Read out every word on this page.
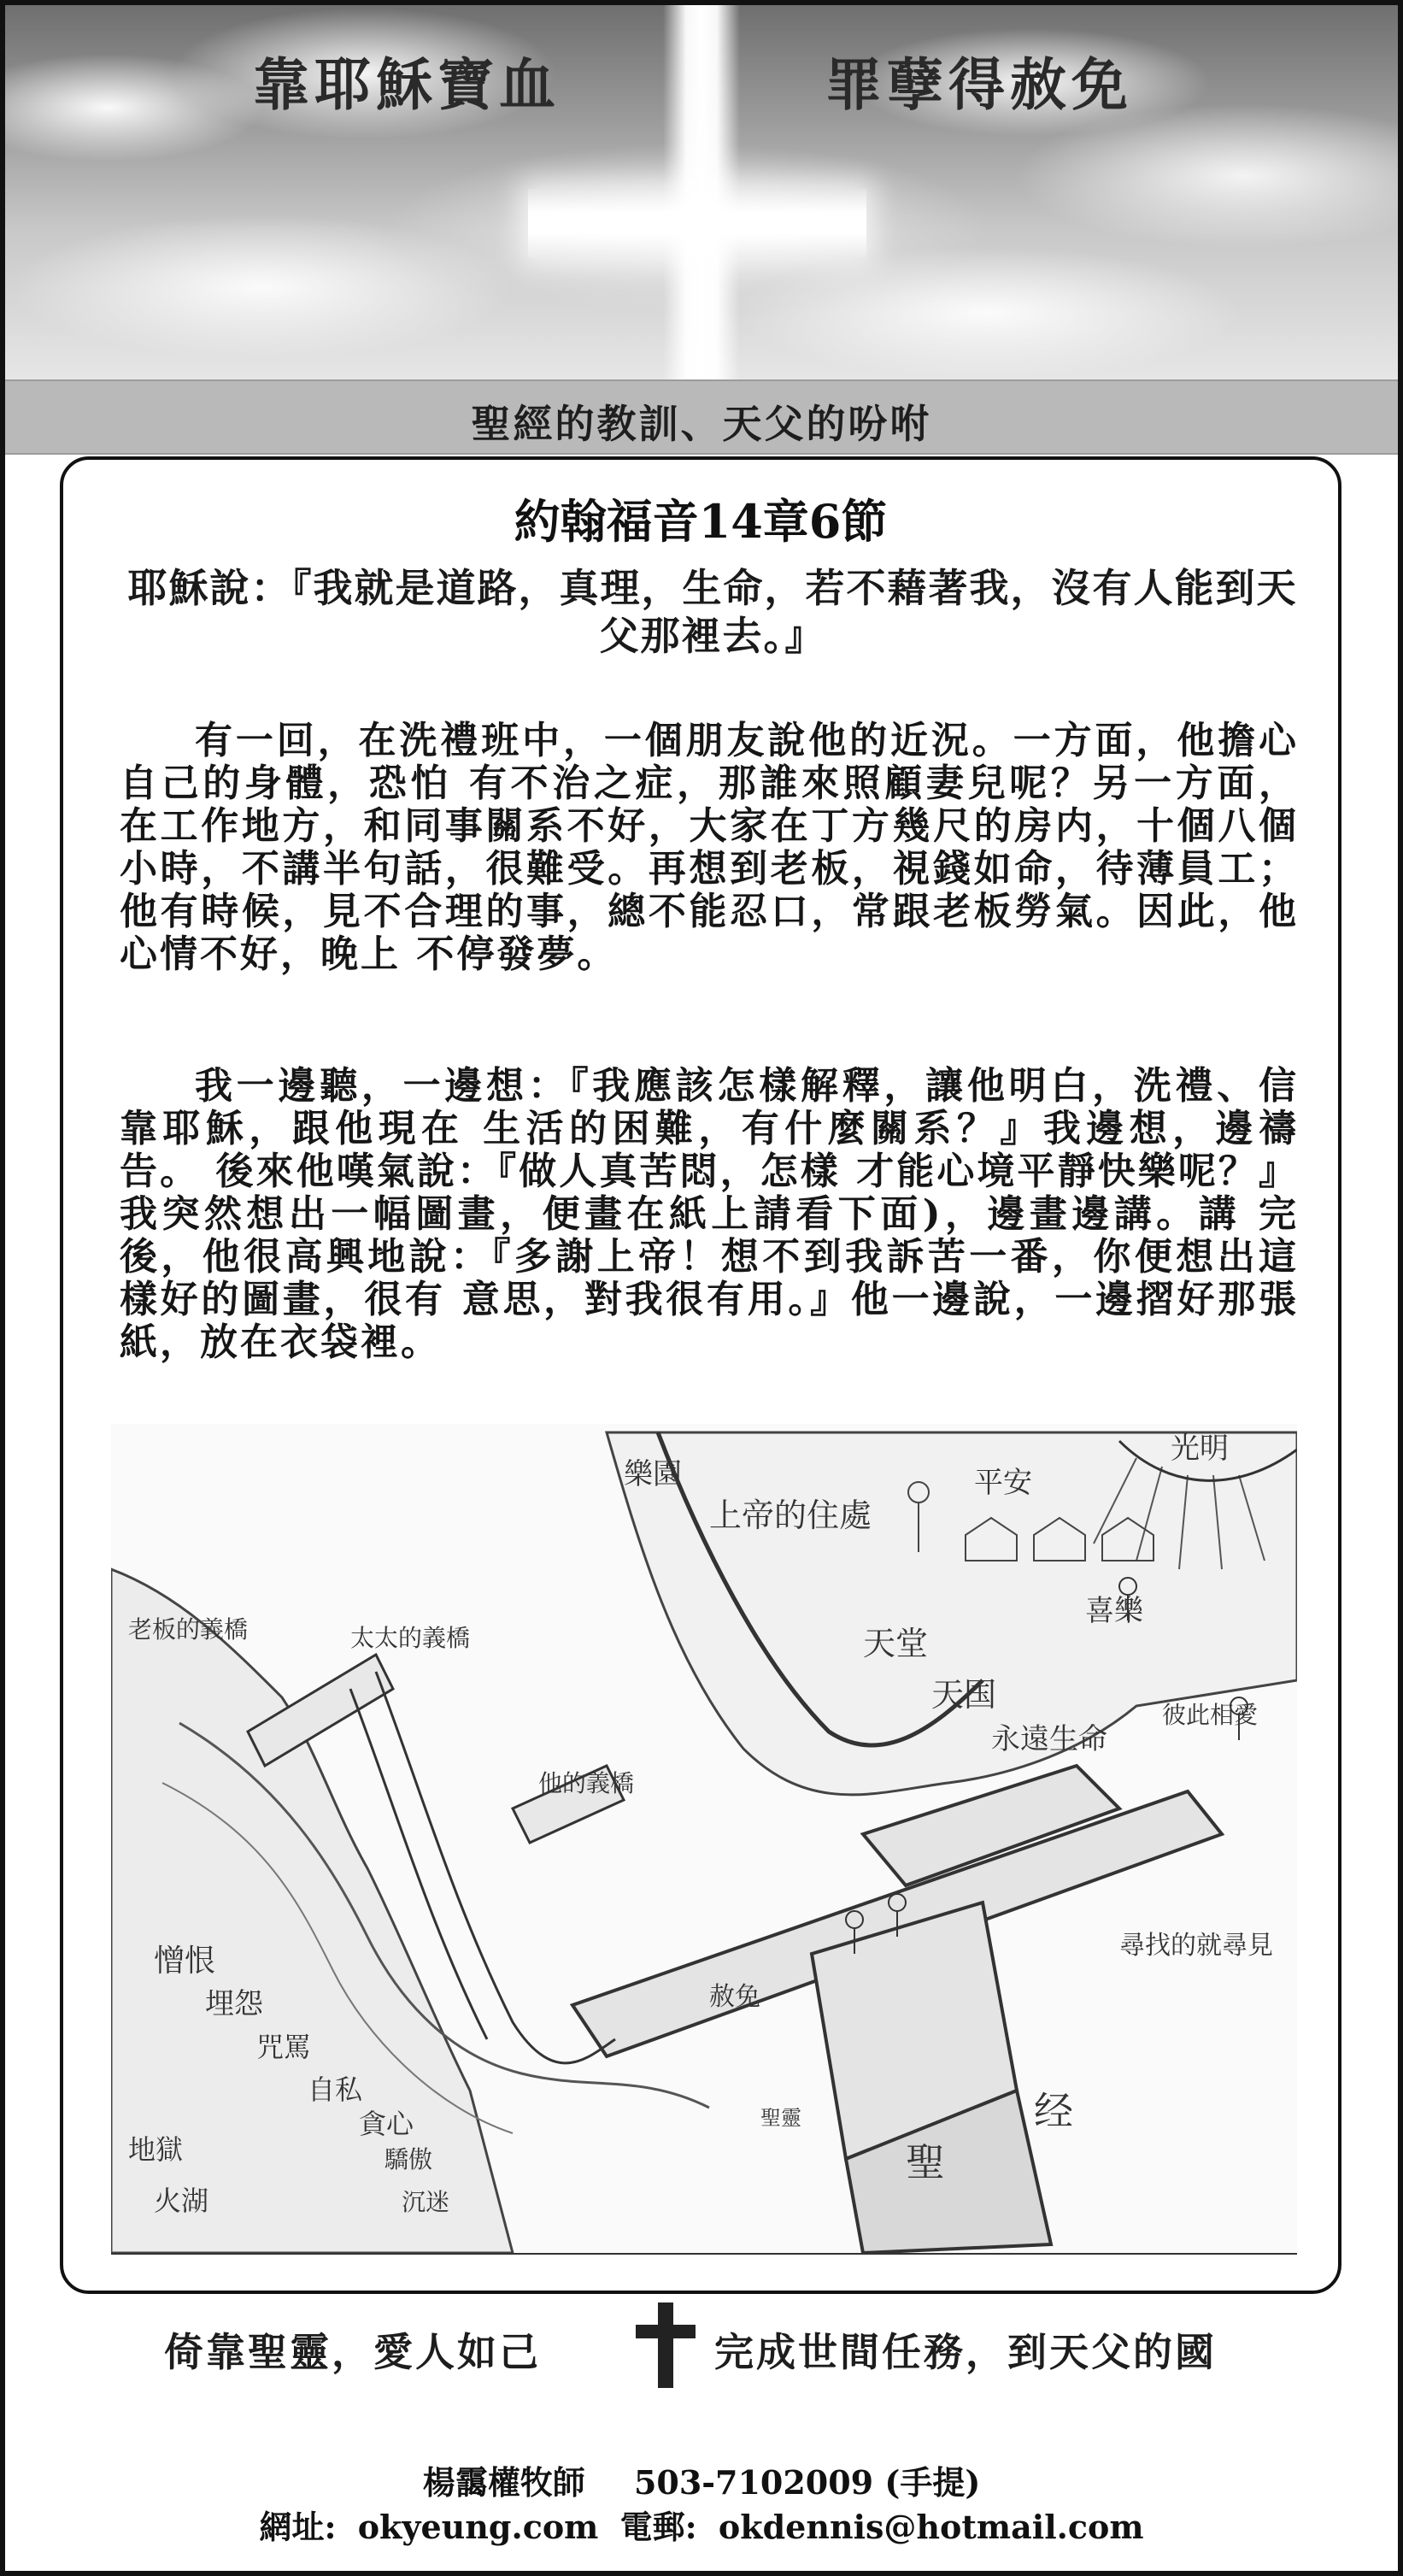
靠耶穌寶血	罪孽得赦免
聖經的教訓、天父的吩咐
約翰福音14章6節
耶穌說：『我就是道路，真理，生命，若不藉著我，沒有人能到天父那裡去。』
有一回，在洗禮班中，一個朋友說他的近況。一方面，他擔心自己的身體，恐怕 有不治之症，那誰來照顧妻兒呢？另一方面，在工作地方，和同事關系不好，大家在丁方幾尺的房内，十個八個小時，不講半句話，很難受。再想到老板，視錢如命，待薄員工；他有時候，見不合理的事，總不能忍口，常跟老板勞氣。因此，他心情不好，晚上 不停發夢。
我一邊聽，一邊想：『我應該怎樣解釋，讓他明白，洗禮、信靠耶穌，跟他現在 生活的困難，有什麼關系？』我邊想，邊禱告。 後來他嘆氣說：『做人真苦悶，怎樣 才能心境平靜快樂呢？』我突然想出一幅圖畫，便畫在紙上請看下面)，邊畫邊講。講 完後，他很高興地說：『多謝上帝！想不到我訴苦一番，你便想出這樣好的圖畫，很有 意思，對我很有用。』他一邊說，一邊摺好那張紙，放在衣袋裡。
樂園
光明
平安
上帝的住處
天堂
天国
永遠生命
喜樂
彼此相愛
老板的義橋	太太的義橋
他的義橋
尋找的就尋見
聖
经
赦免
聖靈
憎恨
埋怨
咒罵
自私
貪心
驕傲
沉迷
地獄
火湖
倚靠聖靈，愛人如己	完成世間任務，到天父的國
楊靄權牧師 503-7102009 (手提)
網址: okyeung.com 電郵: okdennis@hotmail.com
